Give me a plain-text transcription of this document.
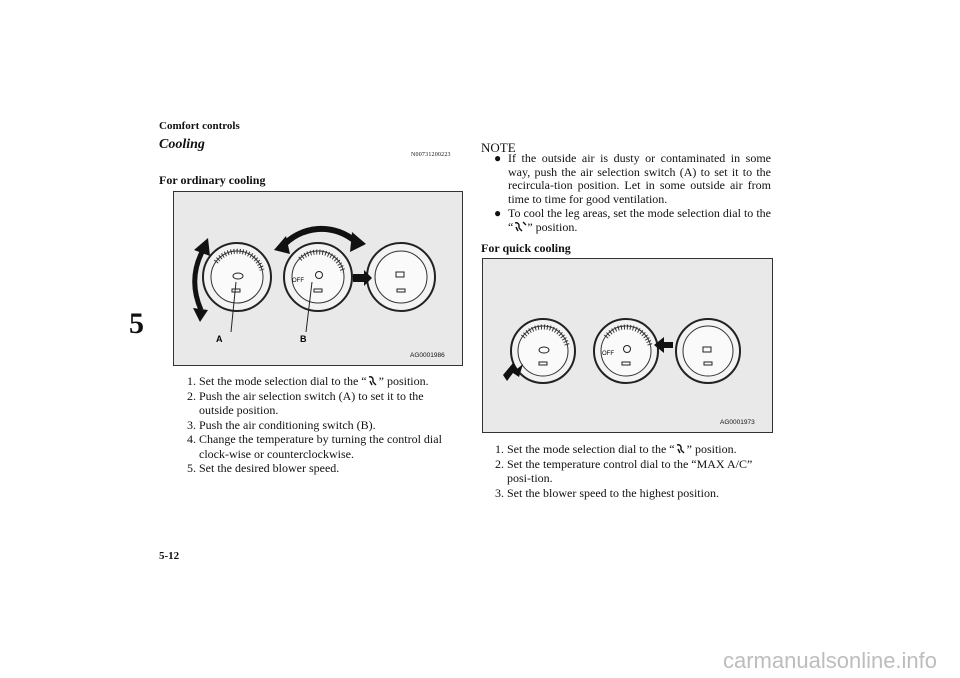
Comfort controls
5
Cooling
N00731200223
For ordinary cooling
OFF
A	B
AG0001986
1. Set the mode selection dial to the “ ” position.
2. Push the air selection switch (A) to set it to the outside position.
3. Push the air conditioning switch (B).
4. Change the temperature by turning the control dial clock-wise or counterclockwise.
5. Set the desired blower speed.
NOTE
● If the outside air is dusty or contaminated in some way, push the air selection switch (A) to set it to the recircula-tion position. Let in some outside air from time to time for good ventilation.
● To cool the leg areas, set the mode selection dial to the “ ” position.
For quick cooling
OFF
AG0001973
1. Set the mode selection dial to the “ ” position.
2. Set the temperature control dial to the “MAX A/C” posi-tion.
3. Set the blower speed to the highest position.
5-12
carmanualsonline.info
